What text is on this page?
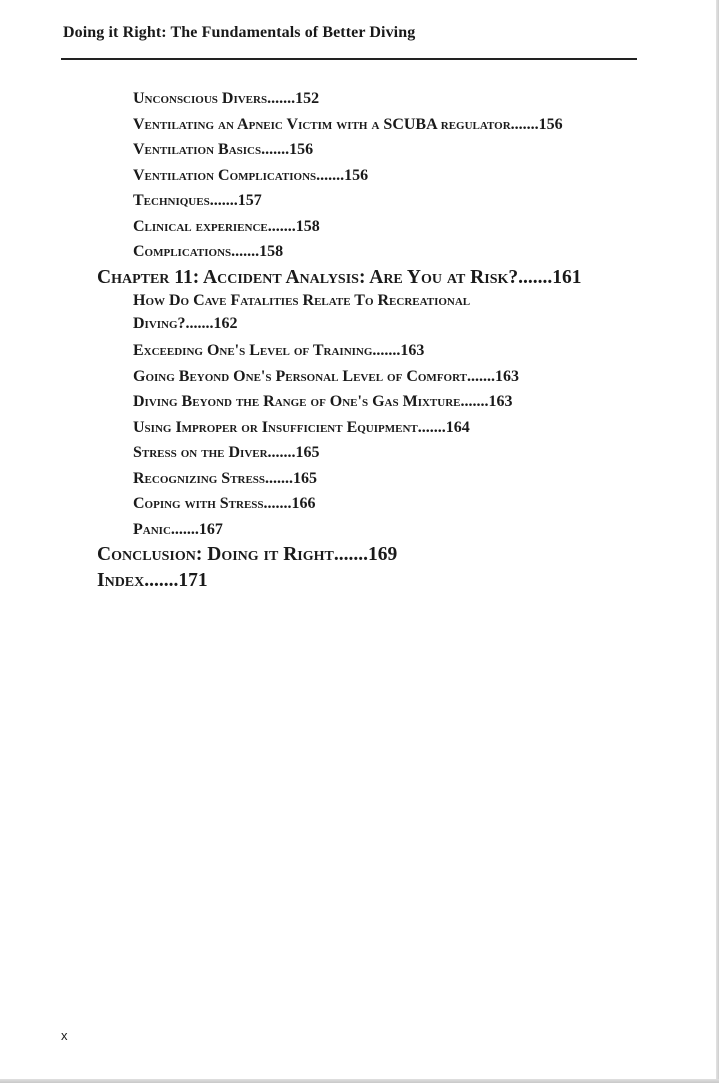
Doing it Right: The Fundamentals of Better Diving
Unconscious Divers.......152
Ventilating an Apneic Victim with a SCUBA regulator.......156
Ventilation Basics.......156
Ventilation Complications.......156
Techniques.......157
Clinical experience.......158
Complications.......158
Chapter 11: Accident Analysis: Are You at Risk?.......161
How Do Cave Fatalities Relate To Recreational Diving?.......162
Exceeding One's Level of Training.......163
Going Beyond One's Personal Level of Comfort.......163
Diving Beyond the Range of One's Gas Mixture.......163
Using Improper or Insufficient Equipment.......164
Stress on the Diver.......165
Recognizing Stress.......165
Coping with Stress.......166
Panic.......167
Conclusion: Doing it Right.......169
Index.......171
x
